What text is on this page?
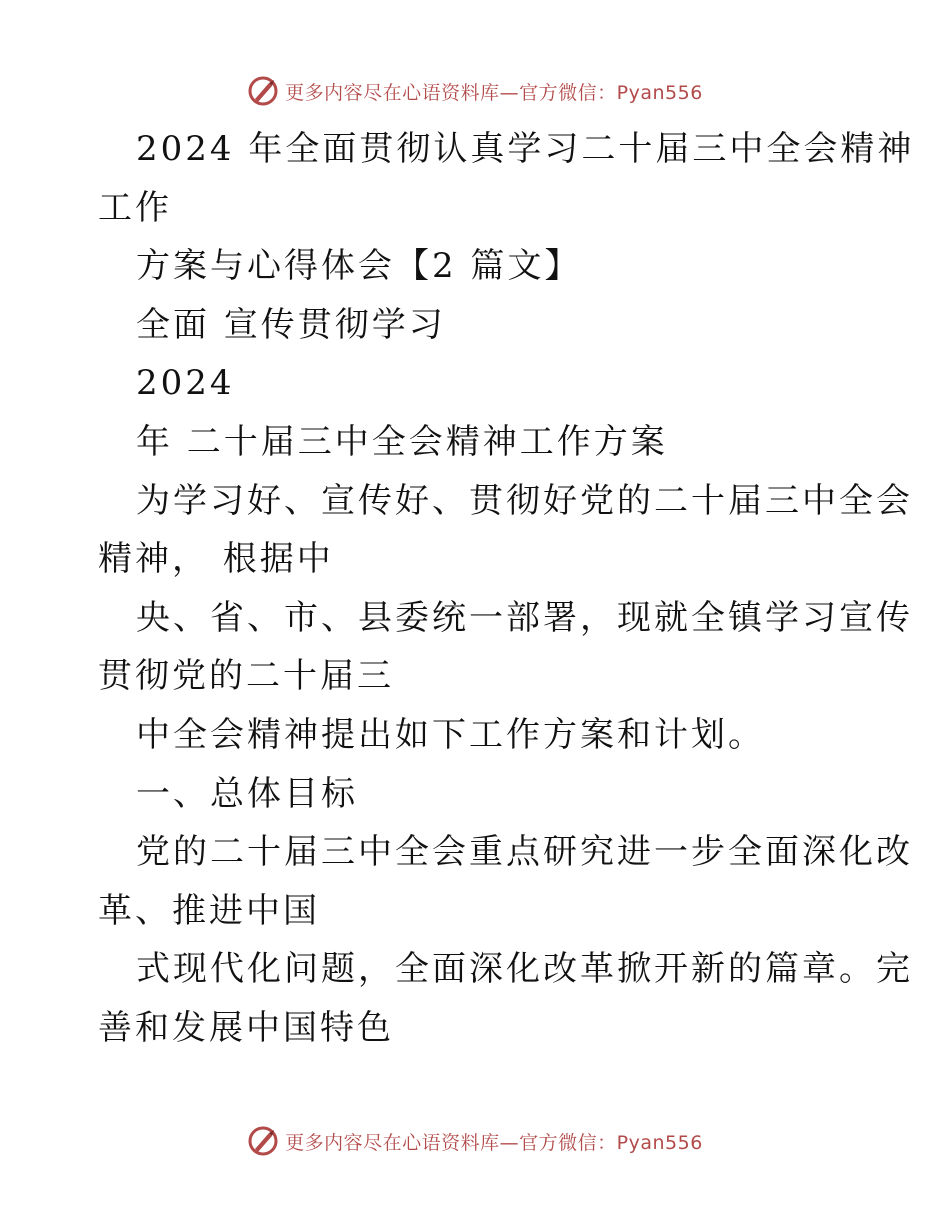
更多内容尽在心语资料库—官方微信：Pyan556
2024 年全面贯彻认真学习二十届三中全会精神
工作
方案与心得体会【2 篇文】
全面 宣传贯彻学习
2024
年 二十届三中全会精神工作方案
为学习好、宣传好、贯彻好党的二十届三中全会
精神， 根据中
央、省、市、县委统一部署，现就全镇学习宣传
贯彻党的二十届三
中全会精神提出如下工作方案和计划。
一、总体目标
党的二十届三中全会重点研究进一步全面深化改
革、推进中国
式现代化问题，全面深化改革掀开新的篇章。完
善和发展中国特色
更多内容尽在心语资料库—官方微信：Pyan556
